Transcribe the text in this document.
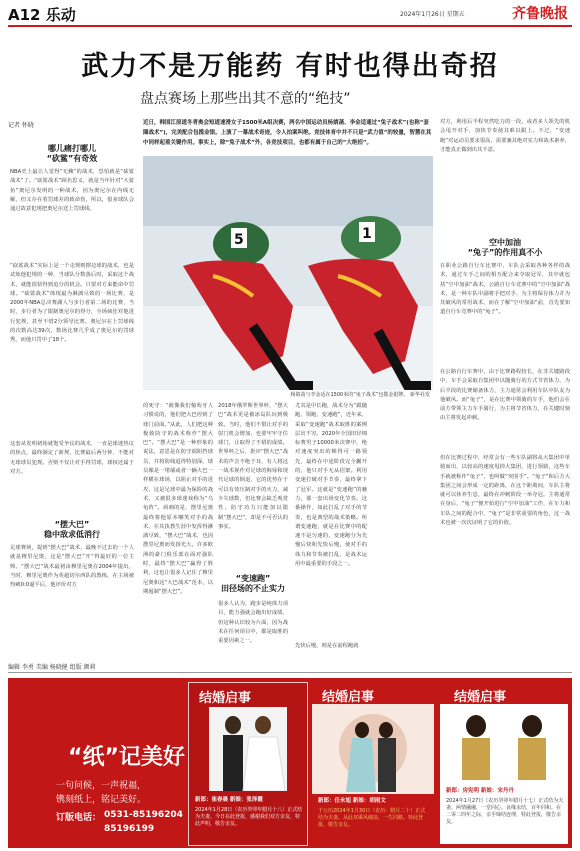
A12 乐动	2024年1月26日 星期五	齐鲁晚报
武力不是万能药 有时也得出奇招
盘点赛场上那些出其不意的“绝技”
记者 怀晓	近日，韩国江原道冬青奥会短道速滑女子1500米A组决赛，两名中国运动员杨婧菡、李金适通过“兔子战术”(也称“套圈战术”)，完美配合包揽金银。上演了一幕战术奇迹，令人拍案叫绝。竞技体育中并不只是“武力值”的较量，智慧在其中同样起着关键作用。事实上，除“兔子战术”外，各竞技项目，也都有属于自己的“大绝招”。
5	1
杨婧菡与李金适在1500米的“兔子战术”包揽金银牌。 新华社发
哪儿痛打哪儿
“砍鲨”有奇效
NBA史上最让人觉得“无赖”的战术，恐怕就是“砍鲨战术”了。“砍鲨战术”顾名思义，就是当年针对“大鲨鱼”奥尼尔发明的一种战术，因为奥尼尔在内线无解，但又存在着罚球差的致命伤，所以，很多球队会通过故意犯规把奥尼尔送上罚球线。
“砍鲨战术”实际上是一个走规则擦边球的战术，也是试炼他犯规的一种，当球队分数落后时，采取这个战术，就能很快得到追分的机会。只要对方来能命中罚球。“砍鲨战术”体现最为淋漓尽致的一场比赛，是2000年NBA总决赛湖人与步行者第二场的比赛，当时，步行者为了限制奥尼尔的得分，全场疯狂对他进行犯规，甚至不惜2分领导比赛。奥尼尔在上罚球线的次数高达39次，数场比赛几乎成了奥尼尔的罚球秀，而他只罚中了18个。
这套从发明初始就饱受争议的战术，一直是球迷热议的焦点，最终制定了新规，比赛最后两分钟，不能对无球球员犯规。否则不仅让对手得罚球，球权还属于对方。
“摆大巴”
稳中敌求低消行
足球赛场，提到“摆大巴”战术，最晚不过去的一个人就是穆里尼奥，这是“摆大巴”开”得最好的一位主帅。“摆大巴”战术最初由穆里尼奥在2004年提出，当时，穆里尼奥作为英超切尔西队的教练，在主场被热刺0:0逼平后，他评价对方
的死守：“就像我们葡萄牙人习惯说的，他们把大巴停到了球门前面。”从此，人们把这种极致防守的战术称作“摆大巴”。“摆大巴”是一种形象的说法，意思是在防守端阻挡球员，并将防线退得特别深，球员像是一堵墙或者一辆大巴一样横在球场，以阻止对手的进攻，这是足球中最为保险的战术，又被很多球迷戏称为“乌龟阵”。讽刺的是，摆里尼奥最终将他原本嘲笑对手的战术，在其执教生涯中发挥得淋漓尽致，“摆大巴”战术，也因摆里尼奥而发扬光大，许多欧洲的豪门俱乐部在面对强队时，最终“摆大巴”赢得了胜利，这也让很多人记住了穆里尼奥和这“大巴战术”范本，以期遏制“摆大巴”。
2018年俄罗斯世界杯，“摆大巴”战术更是被冰岛队玩到极致。当时，他们不惜让对手的射门机会增加，也要牢牢守住球门，让取得了不错的成绩。世界杯之后，批评“摆大巴”战术的声音不绝于耳，有人将这一战术视作对足球的侮辱和现代足球的倒退，它的优势在于可以有效压制对手的火力，减少失球数，但比赛会缺乏观赏性，防守功力只能加以限制“摆大巴”，却是不可否认的事实。
“变速跑”
田径场的不止实力
很多人认为，跑步是纯体力项目，能力强就会跑出好成绩，但这种认识较为片面，因为战术在任何项目中，都是取胜的重要因素之一。
尤其是中长跑，战术分为“跟随跑、领跑、变速跑”，近年来，采取“变速跑”战术取胜的案例层出不穷。2020年全国田径锦标赛男子10000米决赛中，绝对速度突出的裸得可一路领先，最终在中途阶段完全撇开的，他只对手无从招架。利用变速打破对手节奏，最终拿下了冠军。这就是“变速跑”的魅力，那一套出场变化节奏。这番操作，如此打乱了对手的节奏，也是典型的战术策略。所谓变速跑，就是在比赛中的配速不是匀速的，变速跑分为先慢后快和先快后慢，使对手的体力和节奏被打乱，是战术运用中最重要的手段之一。
先快后慢，则是在前程跑就
对方，利用后半程突然吃力的一段，或者多人领先的机会甩开对手，加快节奏使其难以跟上。不过，“变速跑”对运动员要求很高，需要兼具绝对实力和战术素养，才能真正做到出其不意。
空中加油
“兔子”的作用真不小
在职业公路自行车比赛中，车队会采取各种各样的战术，通过车手之间的相互配合来夺取冠军，其中就包括“空中加油”战术。公路自行车竞赛中的“空中加油”战术，是一种车队中副将手把对手、为主将保存体力并为其破风的常用战术，而在了解“空中加油”前，首先要知道自行车竞赛中的“兔子”。
在公路自行车赛中，由于比赛路程较长，在非关键路段中，车手会采取自集团中以随骑行的方式节省体力，为后半段的比赛储备体力，主力通常会利用车队中队友为他破风。而“兔子”，是在比赛中领骑的车手，他们会在前方带领主力车手骑行，为主将节省体力，在关键时刻由主将发起冲刺。
但在比赛过程中，经常会有一些车队副将从大集团中单骑而出，以较高的速度甩掉大集团，进行领骑，这些车手就被称作“兔子”，也叫做“突围手”。“兔子”和后方大集团之间会形成一定的距离，在这个距离间，车队主将就可以休养生息，最终在冲刺阶段一举夺冠。主将通常在身后，“兔子”便开始进行“空中加油”工作，在车力和车队之间的配合中，“兔子”是非常重要的角色，这一战术也被一次次证明了它的价值。
编辑 李勇 美编 杨晓健 组版 颜莉
“纸”记美好
一句问候，一声祝福，
镌刻纸上，铭记美好。
订版电话： 0531-85196204
85196199
结婚启事
新郎：崔春晨 新娘：张泽霞
2024年1月28日（农历癸卯年腊月十八）正式结为夫妻。今日在此登报，感谢我们双方亲友，特此声明，敬告亲友。
结婚启事
新郎：任永旭 新娘：胡雨文
于公历2024年1月30日（农历：腊月二十）正式结为夫妻。从此双乘风破浪，一生同路。特此登报，敬告亲友。
结婚启事
新郎：房宪明 新娘：宋丹丹
2024年1月27日（农历癸卯年腊月十七）正式结为夫妻。两情融融，一堂同心。良缘永结，百年同和。在二零二四年之际，亲手缔结连理，特此登报，敬告亲友。
